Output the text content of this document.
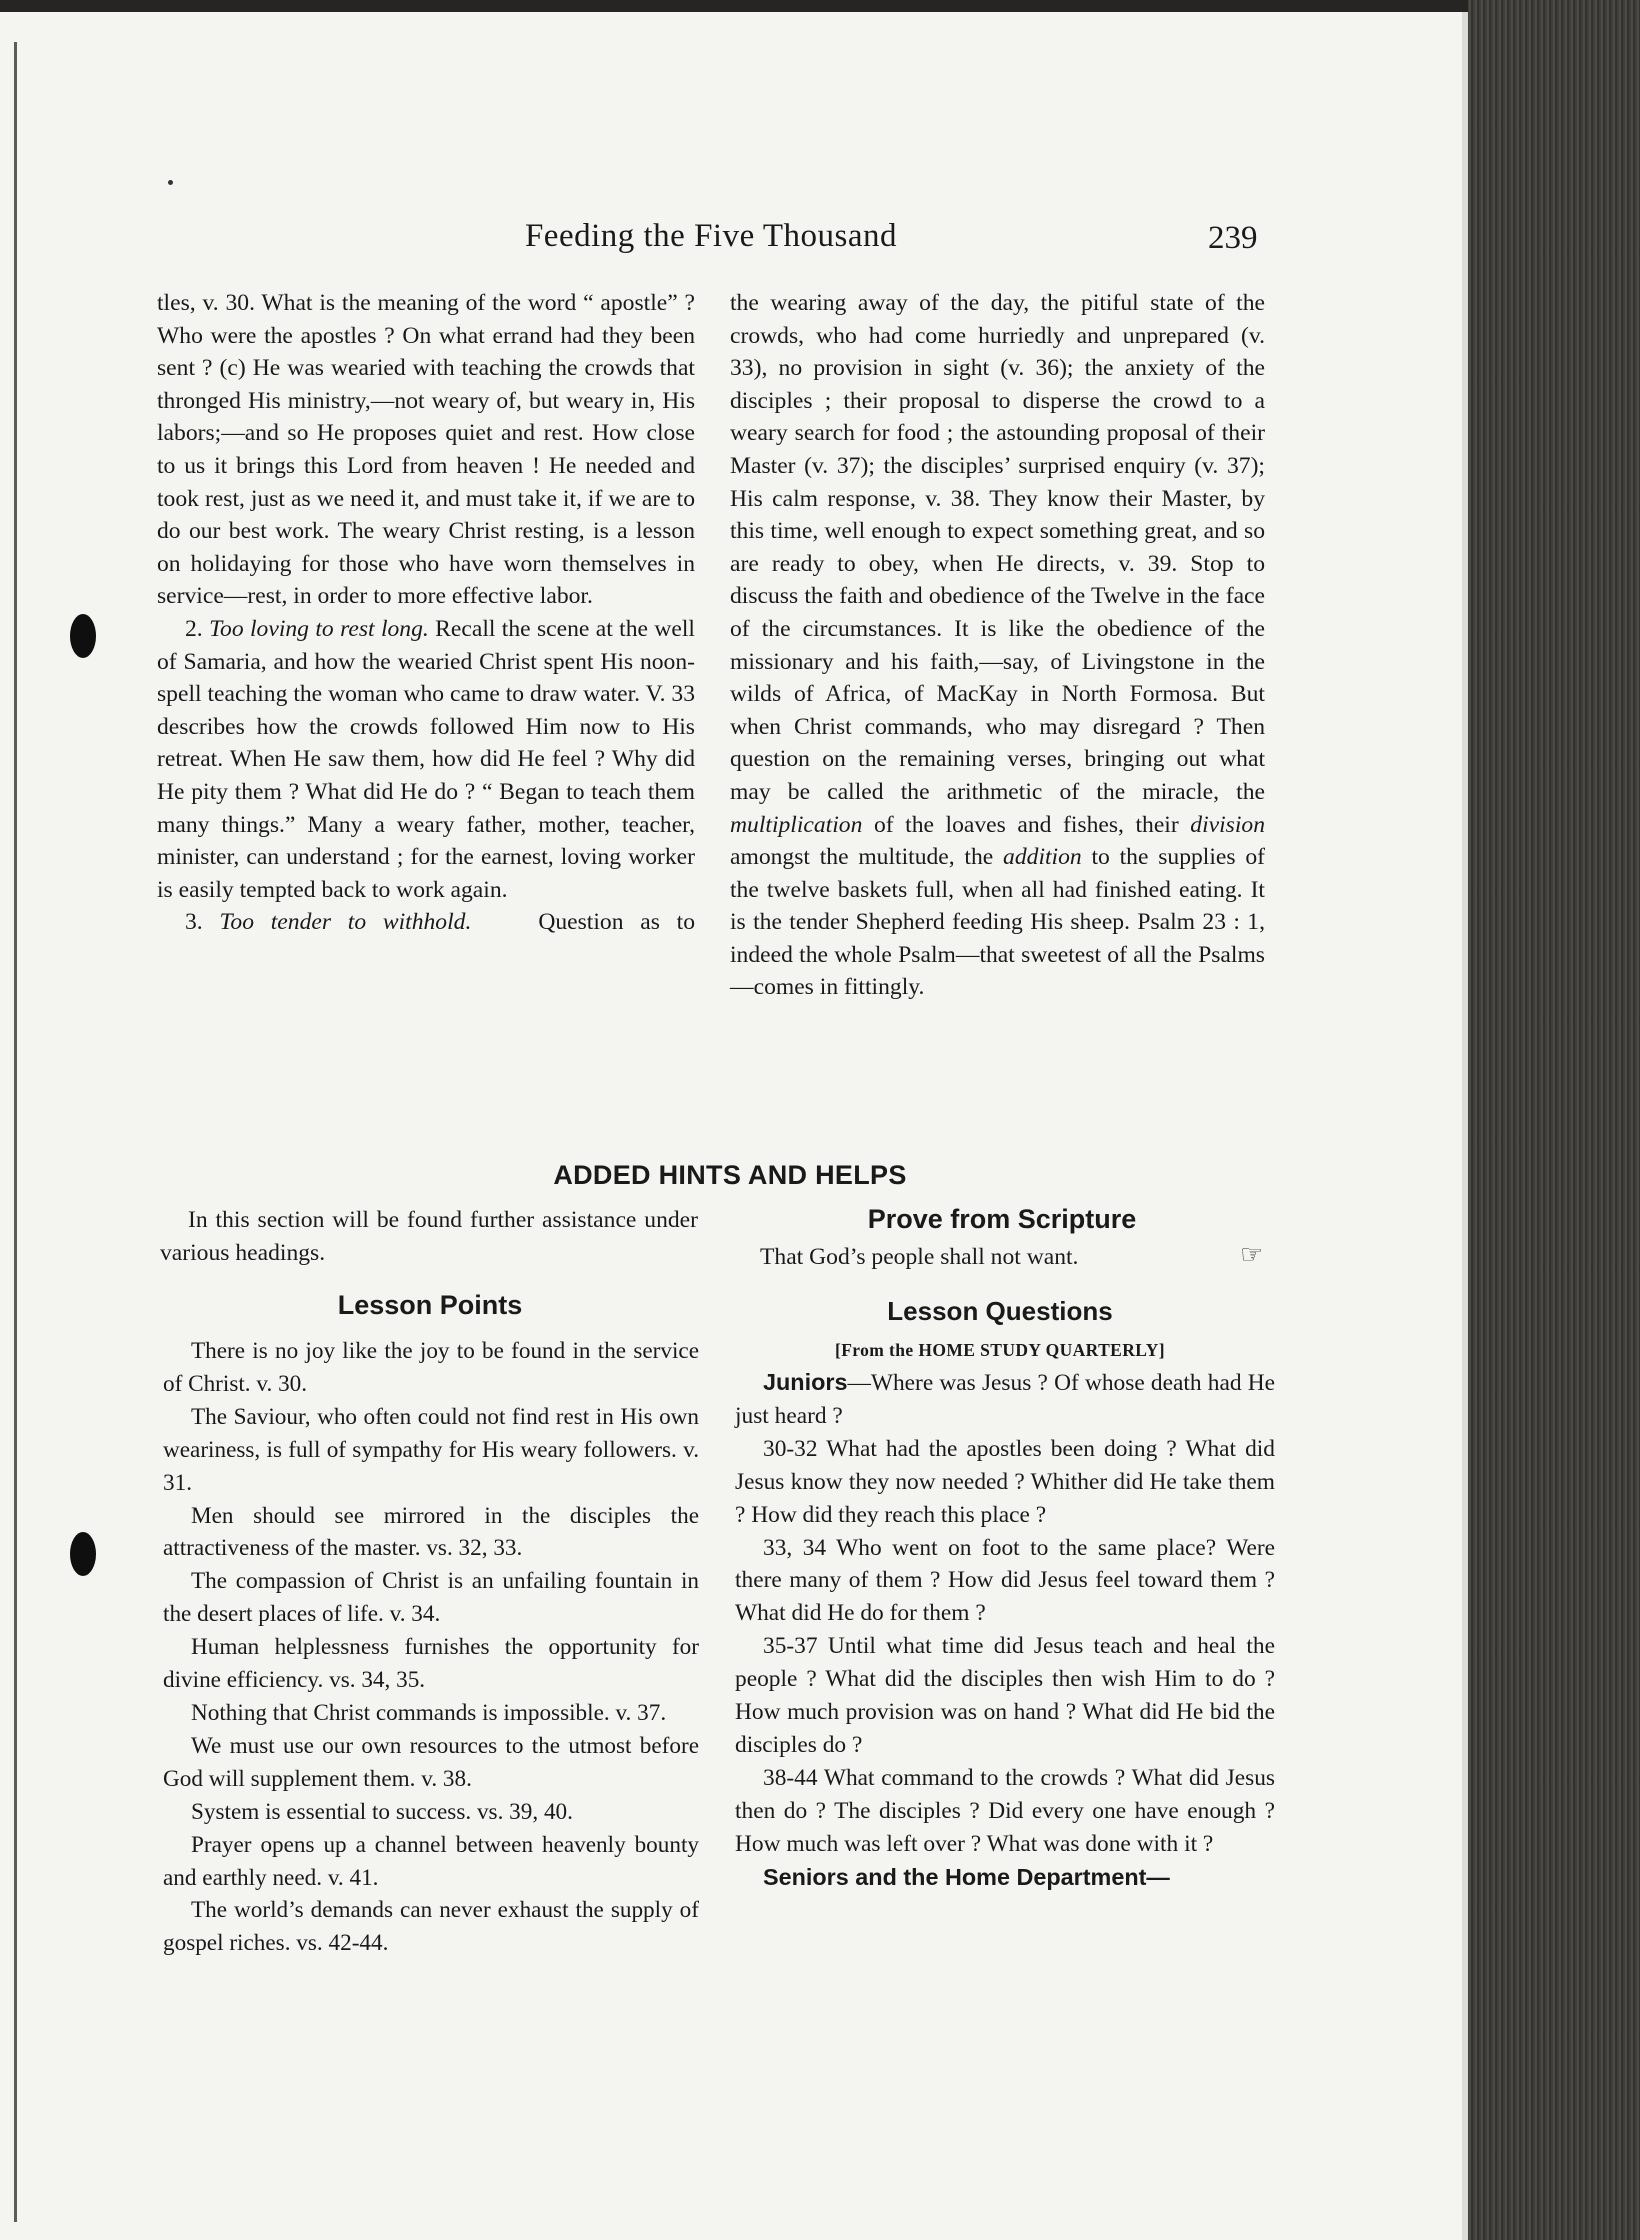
Feeding the Five Thousand	239

tles, v. 30. What is the meaning of the word “ apostle” ? Who were the apostles ? On what errand had they been sent ? (c) He was wearied with teaching the crowds that thronged His ministry,—not weary of, but weary in, His labors;—and so He proposes quiet and rest. How close to us it brings this Lord from heaven ! He needed and took rest, just as we need it, and must take it, if we are to do our best work. The weary Christ resting, is a lesson on holidaying for those who have worn themselves in service—rest, in order to more effective labor.

2. Too loving to rest long. Recall the scene at the well of Samaria, and how the wearied Christ spent His noon-spell teaching the woman who came to draw water. V. 33 describes how the crowds followed Him now to His retreat. When He saw them, how did He feel ? Why did He pity them ? What did He do ? “ Began to teach them many things.” Many a weary father, mother, teacher, minister, can understand ; for the earnest, loving worker is easily tempted back to work again.

3. Too tender to withhold.	Question as to

the wearing away of the day, the pitiful state of the crowds, who had come hurriedly and unprepared (v. 33), no provision in sight (v. 36); the anxiety of the disciples ; their proposal to disperse the crowd to a weary search for food ; the astounding proposal of their Master (v. 37); the disciples’ surprised enquiry (v. 37); His calm response, v. 38. They know their Master, by this time, well enough to expect something great, and so are ready to obey, when He directs, v. 39. Stop to discuss the faith and obedience of the Twelve in the face of the circumstances. It is like the obedience of the missionary and his faith,—say, of Livingstone in the wilds of Africa, of MacKay in North Formosa. But when Christ commands, who may disregard ? Then question on the remaining verses, bringing out what may be called the arithmetic of the miracle, the multiplication of the loaves and fishes, their division amongst the multitude, the addition to the supplies of the twelve baskets full, when all had finished eating. It is the tender Shepherd feeding His sheep. Psalm 23 : 1, indeed the whole Psalm—that sweetest of all the Psalms—comes in fittingly.

ADDED HINTS AND HELPS

In this section will be found further assistance under various headings.

Lesson Points

There is no joy like the joy to be found in the service of Christ. v. 30.

The Saviour, who often could not find rest in His own weariness, is full of sympathy for His weary followers. v. 31.

Men should see mirrored in the disciples the attractiveness of the master. vs. 32, 33.

The compassion of Christ is an unfailing fountain in the desert places of life. v. 34.

Human helplessness furnishes the opportunity for divine efficiency. vs. 34, 35.

Nothing that Christ commands is impossible. v. 37.

We must use our own resources to the utmost before God will supplement them. v. 38.

System is essential to success. vs. 39, 40.

Prayer opens up a channel between heavenly bounty and earthly need. v. 41.

The world’s demands can never exhaust the supply of gospel riches. vs. 42-44.

Prove from Scripture
That God’s people shall not want.	☞
Lesson Questions
[From the HOME STUDY QUARTERLY]

Juniors—Where was Jesus ? Of whose death had He just heard ?

30-32 What had the apostles been doing ? What did Jesus know they now needed ? Whither did He take them ? How did they reach this place ?

33, 34 Who went on foot to the same place? Were there many of them ? How did Jesus feel toward them ? What did He do for them ?

35-37 Until what time did Jesus teach and heal the people ? What did the disciples then wish Him to do ? How much provision was on hand ? What did He bid the disciples do ?

38-44 What command to the crowds ? What did Jesus then do ? The disciples ? Did every one have enough ? How much was left over ? What was done with it ?

Seniors and the Home Department—
